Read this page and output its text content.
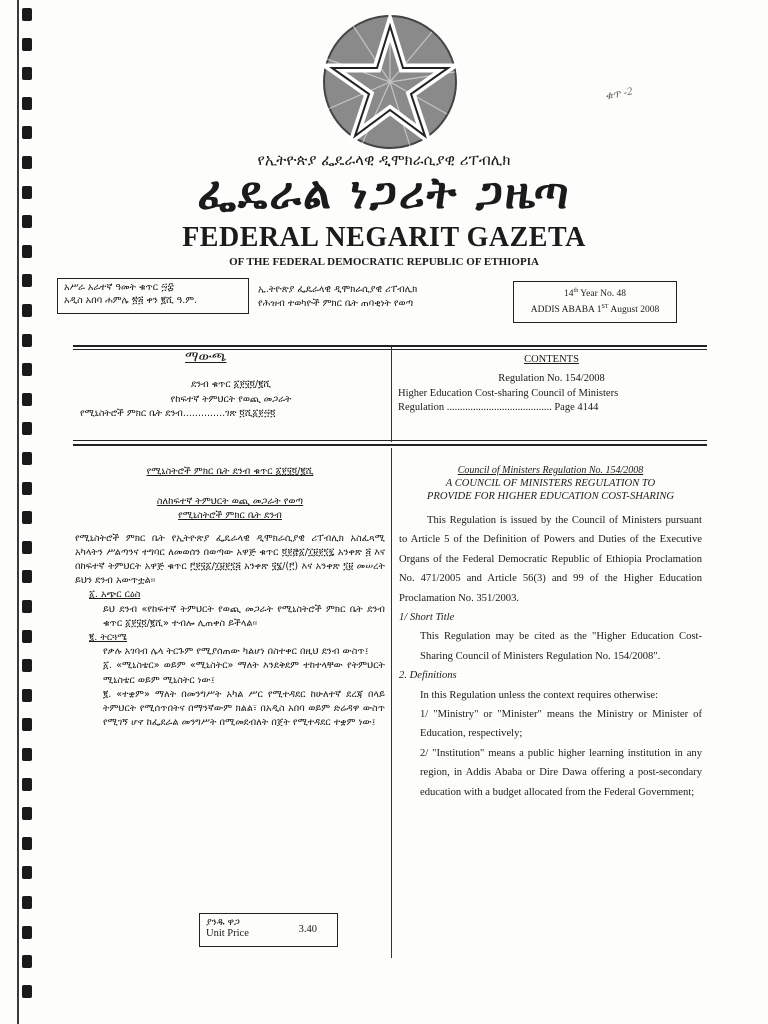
ቁጥ -2
የኢትዮጵያ ፌዴራላዊ ዲሞክራሲያዊ ሪፐብሊክ
ፌዴራል ነጋሪት ጋዜጣ
FEDERAL NEGARIT GAZETA
OF THE FEDERAL DEMOCRATIC REPUBLIC OF ETHIOPIA
አሥራ አራተኛ ዓመት ቁጥር ፵፰
አዲስ አበባ ሐምሌ ፳፭ ቀን ፪ሺ ዓ.ም.
ኢ.ትዮጵያ ፌዴራላዊ ዲሞክራሲያዊ ሪፐብሊክ
የሕዝብ ተወካዮች ምክር ቤት ጠባቂነት የወጣ
14th Year No. 48
ADDIS ABABA 1ST August 2008
ማውጫ
ደንብ ቁጥር ፩፻፶፬/፪ሺ
የከፍተኛ ትምህርት የወጪ መጋራት
የሚኒስትሮች ምክር ቤት ደንብ..............ገጽ ፬ሺ፩፻፵፬
CONTENTS
Regulation No. 154/2008
Higher Education Cost-sharing Council of Ministers
Regulation ........................................ Page 4144
የሚኒስትሮች ምክር ቤት ደንብ ቁጥር ፩፻፶፬/፪ሺ
ስለከፍተኛ ትምህርት ወጪ መጋራት የወጣ
የሚኒስትሮች ምክር ቤት ደንብ
የሚኒስትሮች ምክር ቤት የኢትዮጵያ ፌዴራላዊ ዲሞክራሲያዊ ሪፐብሊክ አስፈጻሚ አካላትን ሥልጣንና ተግባር ለመወሰን በወጣው አዋጅ ቁጥር ፬፻፸፩/፲፱፻፺፯ አንቀጽ ፭ እና በከፍተኛ ትምህርት አዋጅ ቁጥር ፫፻፶፩/፲፱፻፺፭ አንቀጽ ፶፮/(፫) እና አንቀጽ ፺፱ መሠረት ይህን ደንብ አውጥቷል፡፡
፩. አጭር ርዕስ
ይህ ደንብ «የከፍተኛ ትምህርት የወጪ መጋራት የሚኒስትሮች ምክር ቤት ደንብ ቁጥር ፩፻፶፬/፪ሺ» ተብሎ ሊጠቀስ ይችላል፡፡
፪. ትርጓሜ
የቃሉ አገባብ ሌላ ትርጉም የሚያሰጠው ካልሆነ በስተቀር በዚህ ደንብ ውስጥ፤
፩. «ሚኒስቴር» ወይም «ሚኒስትር» ማለት እንደቅደም ተከተላቸው የትምህርት ሚኒስቴር ወይም ሚኒስትር ነው፤
፪. «ተቋም» ማለት በመንግሥት አካል ሥር የሚተዳደር ከሁለተኛ ደረጃ በላይ ትምህርት የሚሰጥበትና በማንኛውም ክልል፣ በአዲስ አበባ ወይም ድሬዳዋ ውስጥ የሚገኝ ሆኖ ከፌደራል መንግሥት በሚመደብለት በጀት የሚተዳደር ተቋም ነው፤
Council of Ministers Regulation No. 154/2008
A COUNCIL OF MINISTERS REGULATION TO
PROVIDE FOR HIGHER EDUCATION COST-SHARING
This Regulation is issued by the Council of Ministers pursuant to Article 5 of the Definition of Powers and Duties of the Executive Organs of the Federal Democratic Republic of Ethiopia Proclamation No. 471/2005 and Article 56(3) and 99 of the Higher Education Proclamation No. 351/2003.
1/ Short Title
This Regulation may be cited as the "Higher Education Cost-Sharing Council of Ministers Regulation No. 154/2008".
2. Definitions
In this Regulation unless the context requires otherwise:
1/ "Ministry" or "Minister" means the Ministry or Minister of Education, respectively;
2/ "Institution" means a public higher learning institution in any region, in Addis Ababa or Dire Dawa offering a post-secondary education with a budget allocated from the Federal Government;
ያንዱ ዋጋ
Unit Price	3.40
